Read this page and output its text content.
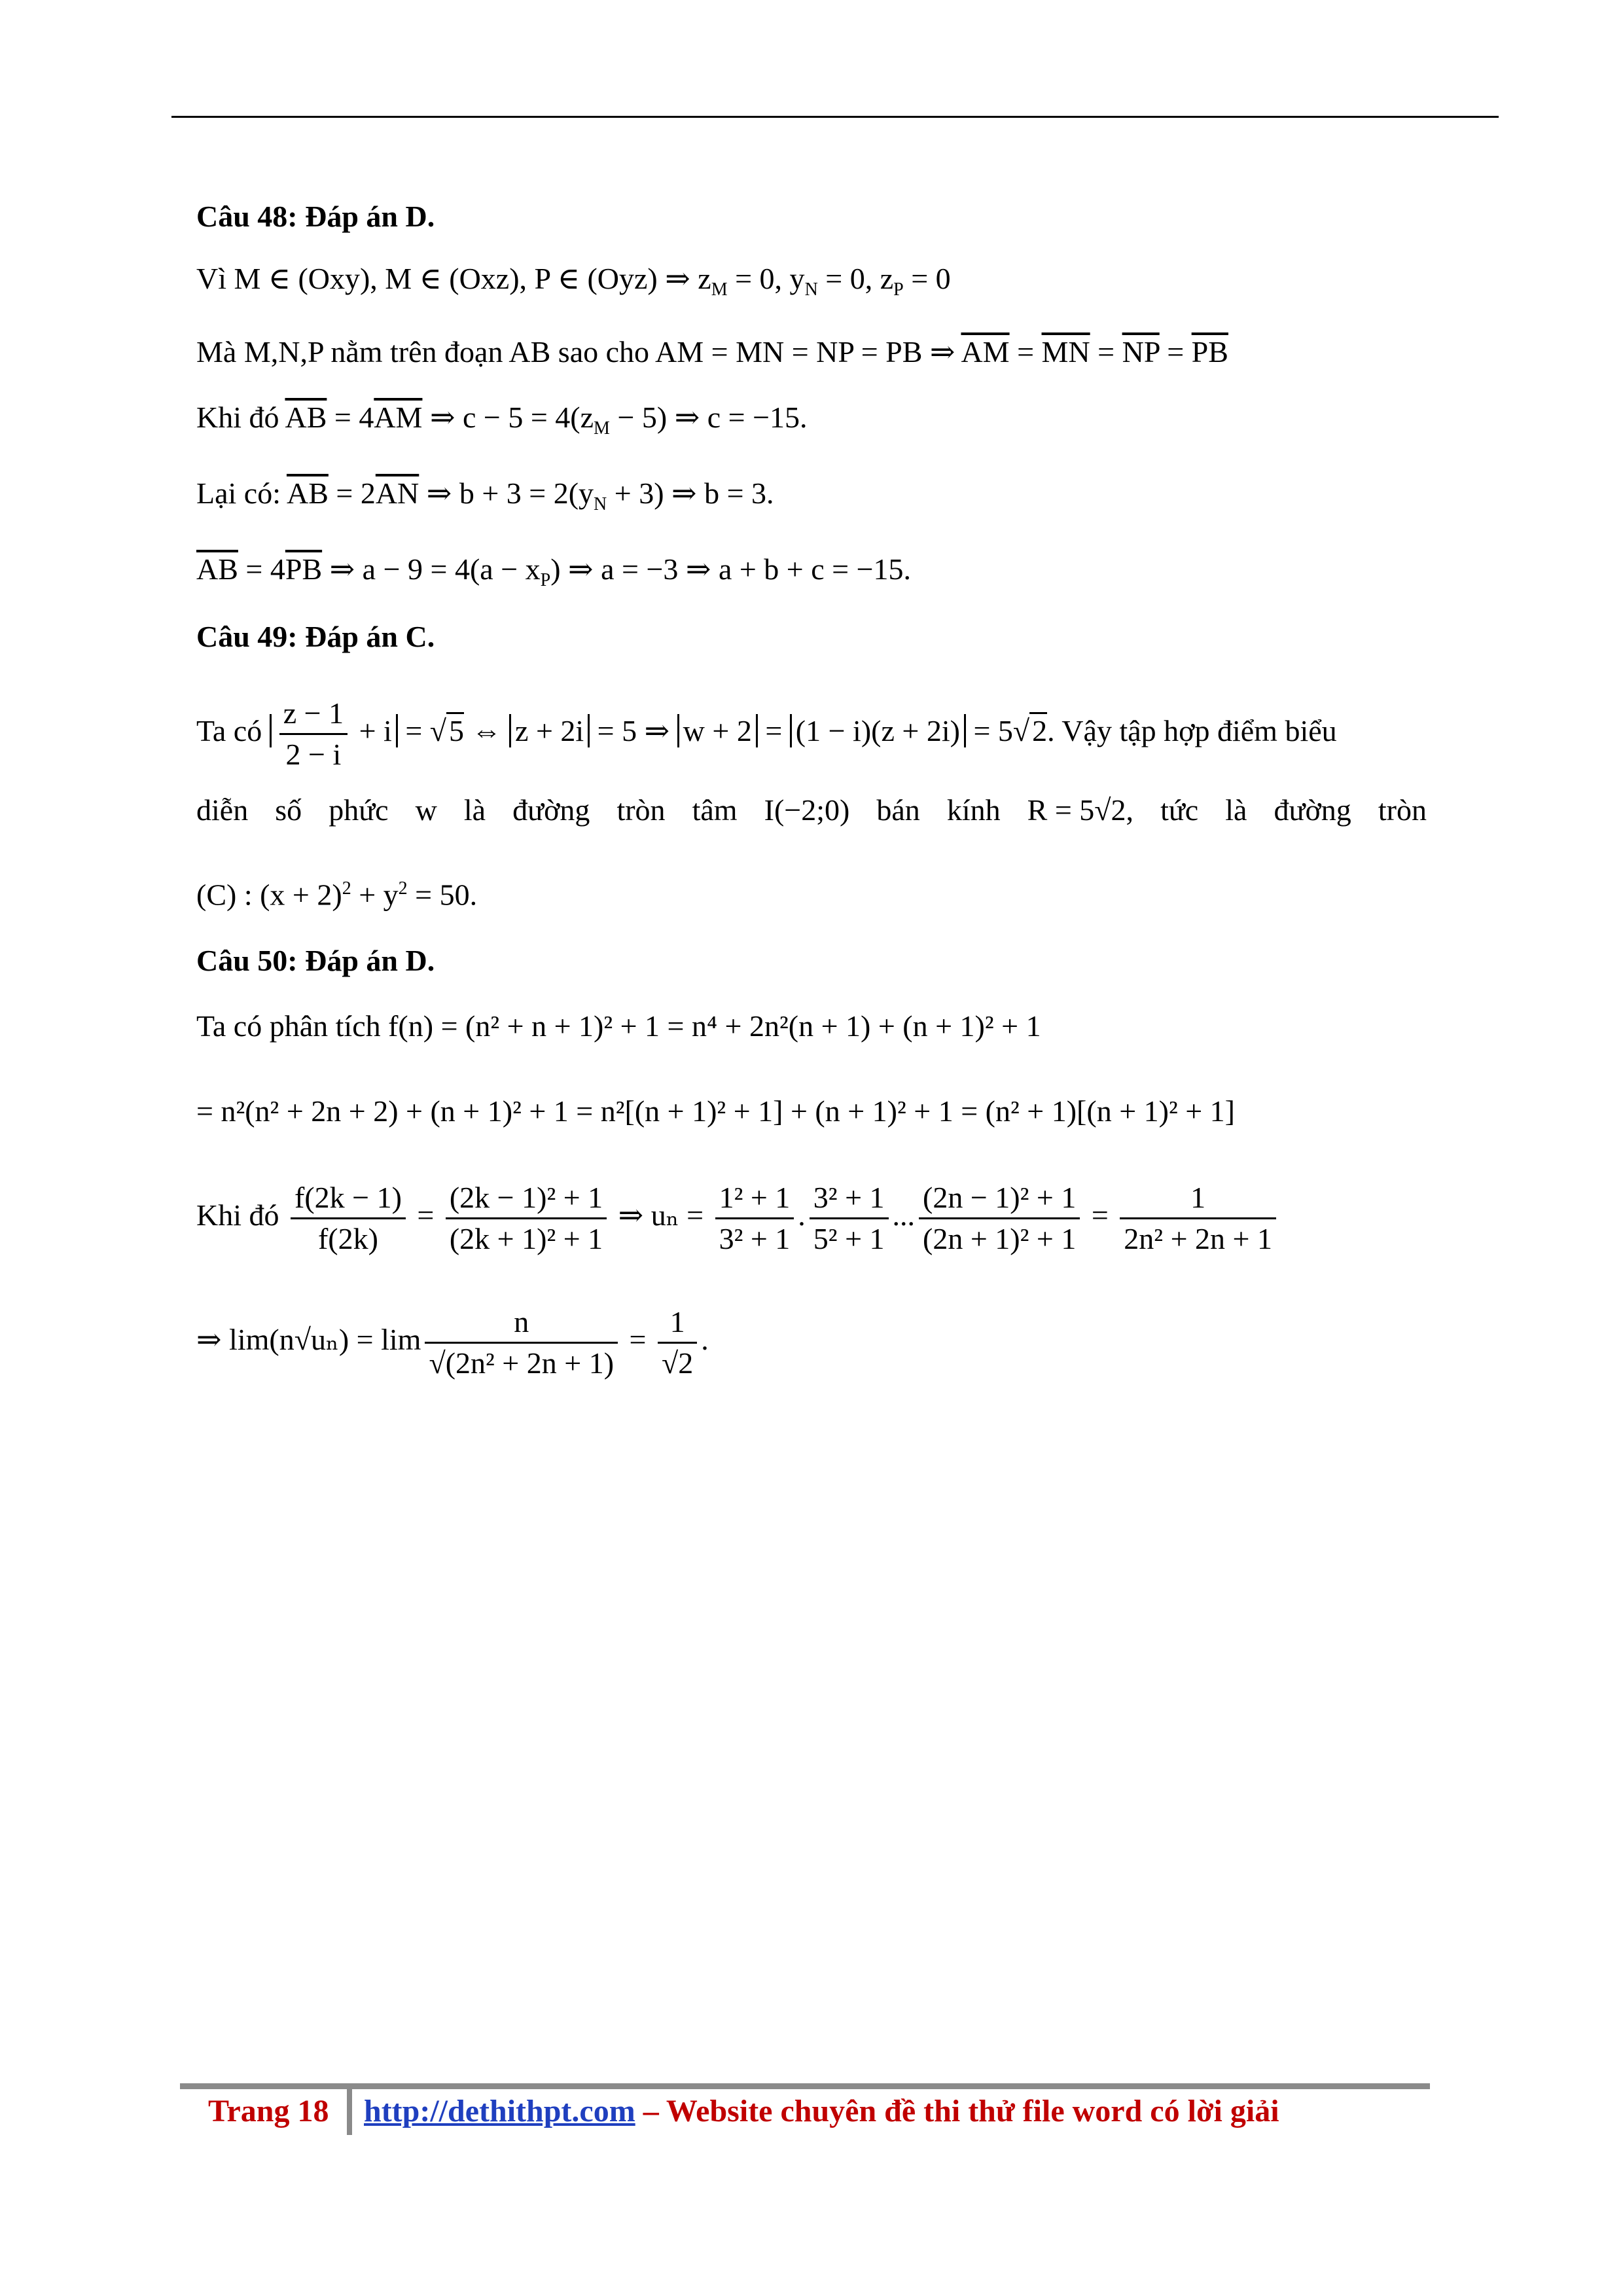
Câu 48: Đáp án D.
Vì M ∈ (Oxy), M ∈ (Oxz), P ∈ (Oyz) ⇒ $z_M = 0$, $y_N = 0$, $z_P = 0$
Mà M,N,P nằm trên đoạn AB sao cho AM = MN = NP = PB ⇒ $\overline{AM} = \overline{MN} = \overline{NP} = \overline{PB}$
Khi đó $\overline{AB} = 4\overline{AM}$ ⇒ $c - 5 = 4(z_M - 5)$ ⇒ c = −15.
Lại có: $\overline{AB} = 2\overline{AN}$ ⇒ $b + 3 = 2(y_N + 3)$ ⇒ b = 3.
$\overline{AB} = 4\overline{PB}$ ⇒ $a - 9 = 4(a - x_P)$ ⇒ a = −3 ⇒ a + b + c = −15.
Câu 49: Đáp án C.
Ta có $\frac{z - 1}{2 - i} + i = √5$ ⇔ z + 2i = 5 ⇒ w + 2 = (1 − i)(z + 2i) = 5√2. Vậy tập hợp điểm biểu
diễn số phức w là đường tròn tâm I(−2;0) bán kính R = 5√2, tức là đường tròn
(C) : $(x + 2)^2 + y^2 = 50$.
Câu 50: Đáp án D.
Ta có phân tích f(n) = (n² + n + 1)² + 1 = n⁴ + 2n²(n + 1) + (n + 1)² + 1
= n²(n² + 2n + 2) + (n + 1)² + 1 = n²[(n + 1)² + 1] + (n + 1)² + 1 = (n² + 1)[(n + 1)² + 1]
Khi đó $\frac{f(2k - 1)}{f(2k)} = \frac{\text{(2k − 1)² + 1}}{\text{(2k + 1)² + 1}}$ ⇒ $u_n = \frac{\text{1² + 1}}{\text{3² + 1}}$ . $\frac{\text{3² + 1}}{\text{5² + 1}}$ ... $\frac{\text{(2n − 1)² + 1}}{\text{(2n + 1)² + 1}} = \frac{1}{\text{2n² + 2n + 1}}$
⇒ $\lim(n√u_n) = \lim \frac{n}{\text{√(2n² + 2n + 1)}} = \frac{1}{√2}$ .
Trang 18 http://dethithpt.com – Website chuyên đề thi thử file word có lời giải
